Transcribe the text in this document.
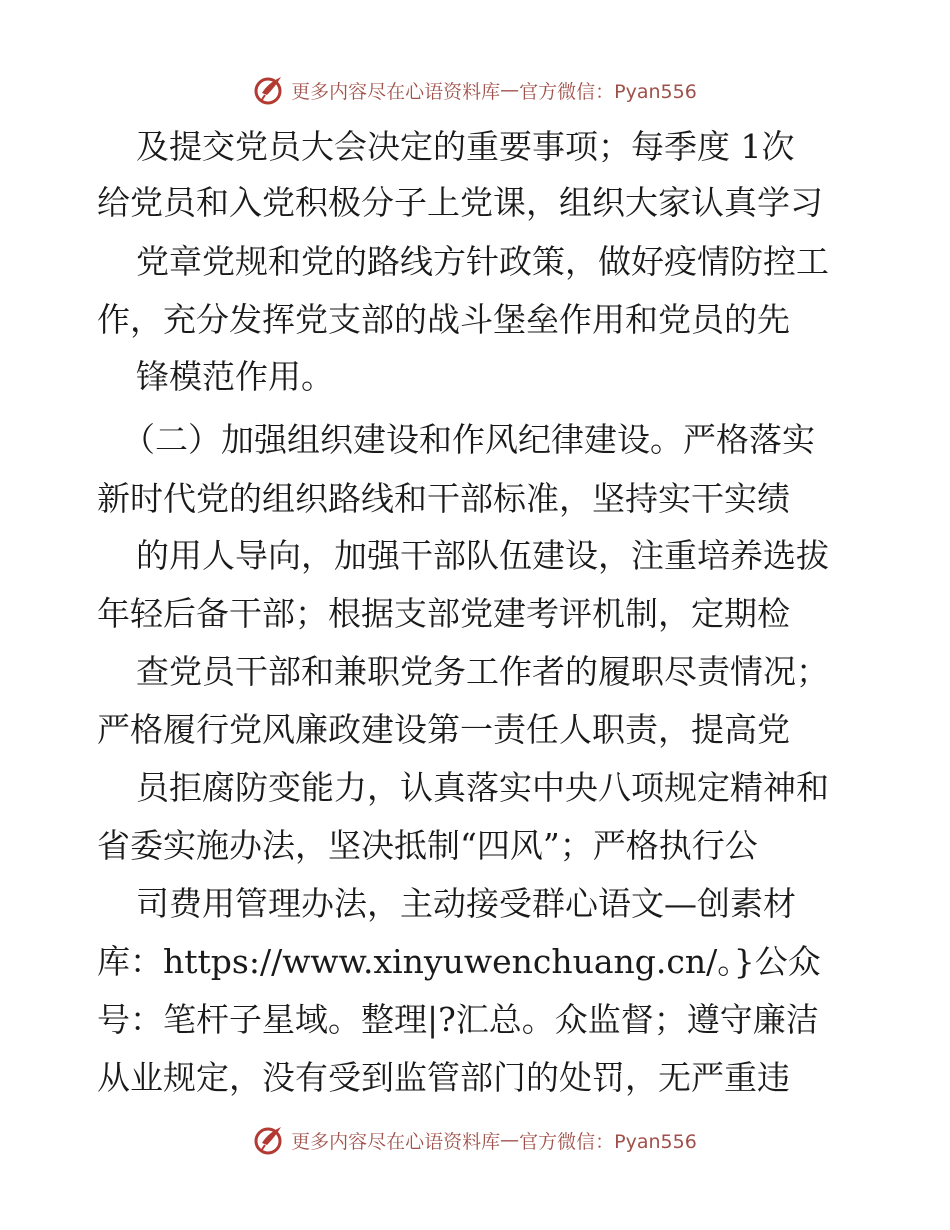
更多内容尽在心语资料库 — 官方微信：Pyan556
及提交党员大会决定的重要事项；每季度 1次
给党员和入党积极分子上党课，组织大家认真学习
党章党规和党的路线方针政策，做好疫情防控工
作，充分发挥党支部的战斗堡垒作用和党员的先
锋模范作用。
（二）加强组织建设和作风纪律建设。严格落实
新时代党的组织路线和干部标准，坚持实干实绩
的用人导向，加强干部队伍建设，注重培养选拔
年轻后备干部；根据支部党建考评机制，定期检
查党员干部和兼职党务工作者的履职尽责情况；
严格履行党风廉政建设第一责任人职责，提高党
员拒腐防变能力，认真落实中央八项规定精神和
省委实施办法，坚决抵制“四风”；严格执行公
司费用管理办法，主动接受群心语文—创素材
库：https://www.xinyuwenchuang.cn/。}公众
号：笔杆子星域。整理|?汇总。众监督；遵守廉洁
从业规定，没有受到监管部门的处罚，无严重违
更多内容尽在心语资料库 — 官方微信：Pyan556
